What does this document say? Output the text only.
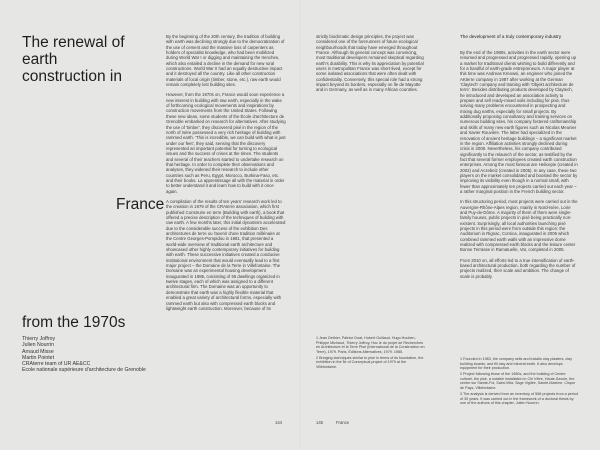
The renewal of earth construction in
France
from the 1970s
Thierry Joffroy
Julien Nourrin
Arnaud Misse
Martin Pointet
CRAterre team of UR AE&CC
Ecole nationale supérieure d'architecture de Grenoble

By the beginning of the 20th century, the tradition of building with earth was declining strongly due to the democratization of the use of cement and the massive loss of carpenters as holders of specialist knowledge, who had been mobilized during World War I or digging and maintaining the trenches, which also entailed a decline in the demand for new rural constructions. World War II had an equally destructive impact and it destroyed all the country. Like all other construction materials of local origin (timber, stone, etc.), raw earth would remain completely lost building sites.

However, from the 1970s on, France would soon experience a new interest in building with raw earth, especially in the wake of forthcoming ecological movements and inspirations by construction movements from the United States. Following these new ideas, some students of the École d'architecture de Grenoble embarked on research for alternatives. After studying the use of 'timber', they discovered pisé in the region of the north of Isère possessed a very rich heritage of building with rammed earth. 'This is incredible, we can build with what is just under our feet', they said, sensing that the discovery represented an important potential for turning to ecological issues and the success of crises at the times. The students and several of their teachers started to undertake research on that heritage. In order to complete their observations and analyses, they widened their research to include other countries such as Peru, Egypt, Morocco, Burkina-Faso, etc. and their books. La apprentissage all with the material in order to better understand it and learn how to build with it once again.

A compilation of the results of ten years' research work led to the creation in 1979 of the CRAterre association, which first published Construire en terre (Building with earth), a book that offered a precise description of the techniques of building with raw earth. A few months later, this initial dynamism accelerated due to the considerable success of the exhibition Des architectures de terre ou l'avenir d'une tradition millénaire at the Centre Georges-Pompidou in 1981, that presented a world-wide overview of traditional earth architecture and showcased other highly contemporary initiatives for building with earth. These successive initiatives created a conducive institutional environment that would eventually lead to a first major project – the Domaine de la Terre in Villefontaine. The Domaine was an experimental housing development inaugurated in 1985, consisting of 65 dwellings organized in twelve stages, each of which was assigned to a different architectural firm. The Domaine was an opportunity to demonstrate that earth was a highly flexible material that enabled a great variety of architectural forms, especially with rammed earth but also with compressed earth blocks and lightweight earth construction. Moreover, because of its

144

strictly bioclimatic design principles, the project was considered one of the forerunners of future ecological neighbourhoods that today have emerged throughout France. Although its general concept was convincing, most traditional developers remained skeptical regarding earth's durability. This is why its appreciation by potential users in metropolitan France was short-lived, except for some isolated associations that were often dealt with confidentiality. Conversely, this special role had a strong impact beyond its borders, especially on Île de Mayotte and in Germany, as well as in many African countries.

1 Jean Dethier, Patrice Doat, Hubert Guillaud, Hugo Houben, Philippe Michaud, Thierry Joffroy, Hoc le du projet de Recherches en Architecture et la Terre Pisé (International de la Construction en Terre), 1979. Paris, Éditions Alternatives, 1979. 1985.
2 Bringing tachniques similar to pisé in terms of its foundation, the exhibition in the Île of Conceptual project of 1979 at the Villefontaine.
The development of a truly contemporary industry

By the end of the 1980s, activities in the earth sector were resumed and progressed and progressed rapidly, opening up a market for traditional clients wishing to build differently and for a handful of earth-grade entrepreneurs. A major player at this time was Andreas Kreowsi, an engineer who joined the AKterre company in 1987 after working at the German 'Claytech' company and training with 'Objekt architecture de terre'. Besides distributing products developed by Claytech, he introduced and developed an association activity to prepare and sell ready-mixed soils including for pisé, thus solving many problems encountered in prospecting and mixing dug earths, especially for small projects. By additionally proposing consultancy and training services on numerous building sites, his company fostered craftsmanship and skills of many new earth figures such as Nicolas Meunier and Xavier Rouvière. The latter had specialized in the renovation of ancient heritage buildings – a significant market in the region. Affiliation activities strongly declined during crisis in 2008. Nevertheless, his company contributed significantly to the relaunch of the sector, as testified by the fact that several former employees created earth construction enterprises. Among the most famous are Helicepie (created in 2002) and Aczebeiz (created in 2005). In any case, these two players on the market consolidated and boosted the sector by improving its visibility even though in a normal small, with fewer than approximately ten projects carried out each year – a rather marginal position in the French building sector.

In this structuring period, most projects were carried out in the Auvergne-Rhône-Alpes region, mainly in Nord-Isère, Loire and Puy-de-Dôme. A majority of them of them were single-family houses, public projects in pisé being practically non-existent. Surprisingly, all local authorities launching pisé projects in this period were from outside this region: the Auditorium in Rignac, Corsica, inaugurated in 2006 which combined rammed earth walls with an impressive dome realized with compressed earth blocks and the leisure center Bonne Terrasse in Ramatuelle, Var, completed in 2005.

From 2010 on, all efforts led to a true intensification of earth-based architectural production, both regarding the number of projects realized, their scale and ambition. The change of scale is probably

1 Founded in 1983, the company sells and installs clay plasters, clay building boards, and fill clay and mineral earth. It also develops equipment for their production.
2 Project following those of the 1980s, and the building of Centre culturel, the pisé, a notable installation in Chi Vêtre, Haute-Savoie, the centre sur Sainte-Foi, Saint-Vitia, Sage Vigilée, Sainte-Maxime, Cirque de Pays, Villefontaine.
3 The analysis is derived from an inventory of 566 projects from a period of 30 years. It was carried out in the framework of a doctoral thesis by one of the authors of this chapter, Julien Nourrin.
145	France
